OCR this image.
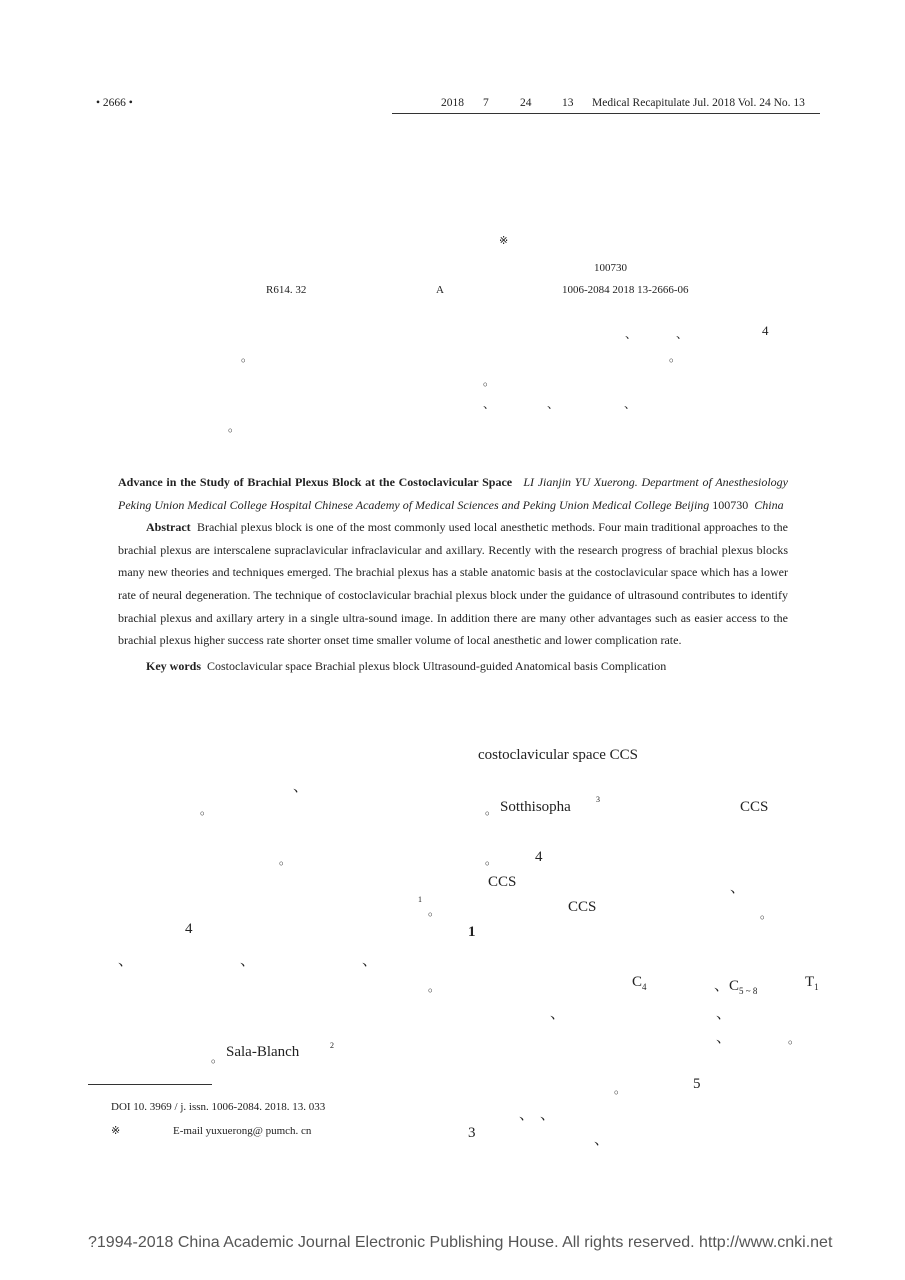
• 2666 •	2018 7	24	13 Medical Recapitulate Jul. 2018 Vol. 24 No. 13
※
100730
R614. 32	A	1006-2084 2018 13-2666-06
、	、	4
。	。
。
、	、	、
。

Advance in the Study of Brachial Plexus Block at the Costoclavicular Space LI Jianjin YU Xuerong. Department of Anesthesiology Peking Union Medical College Hospital Chinese Academy of Medical Sciences and Peking Union Medical College Beijing 100730 China

Abstract Brachial plexus block is one of the most commonly used local anesthetic methods. Four main traditional approaches to the brachial plexus are interscalene supraclavicular infraclavicular and axillary. Recently with the research progress of brachial plexus blocks many new theories and techniques emerged. The brachial plexus has a stable anatomic basis at the costoclavicular space which has a lower rate of neural degeneration. The technique of costoclavicular brachial plexus block under the guidance of ultrasound contributes to identify brachial plexus and axillary artery in a single ultra-sound image. In addition there are many other advantages such as easier access to the brachial plexus higher success rate shorter onset time smaller volume of local anesthetic and lower complication rate.

Key words Costoclavicular space Brachial plexus block Ultrasound-guided Anatomical basis Complication

、
。
。
1
。
4
、	、	、
。
。 Sala-Blanch	2
costoclavicular space CCS
。 Sotthisopha	3	CCS
。	4
CCS	、
CCS	。
1
$C_4$	、$C_{5 \sim 8}$
$T_1$
、	、
。
、
。	5
、 、
3	、
DOI 10. 3969 / j. issn. 1006-2084. 2018. 13. 033
※	E-mail yuxuerong@ pumch. cn
?1994-2018 China Academic Journal Electronic Publishing House. All rights reserved. http://www.cnki.net
